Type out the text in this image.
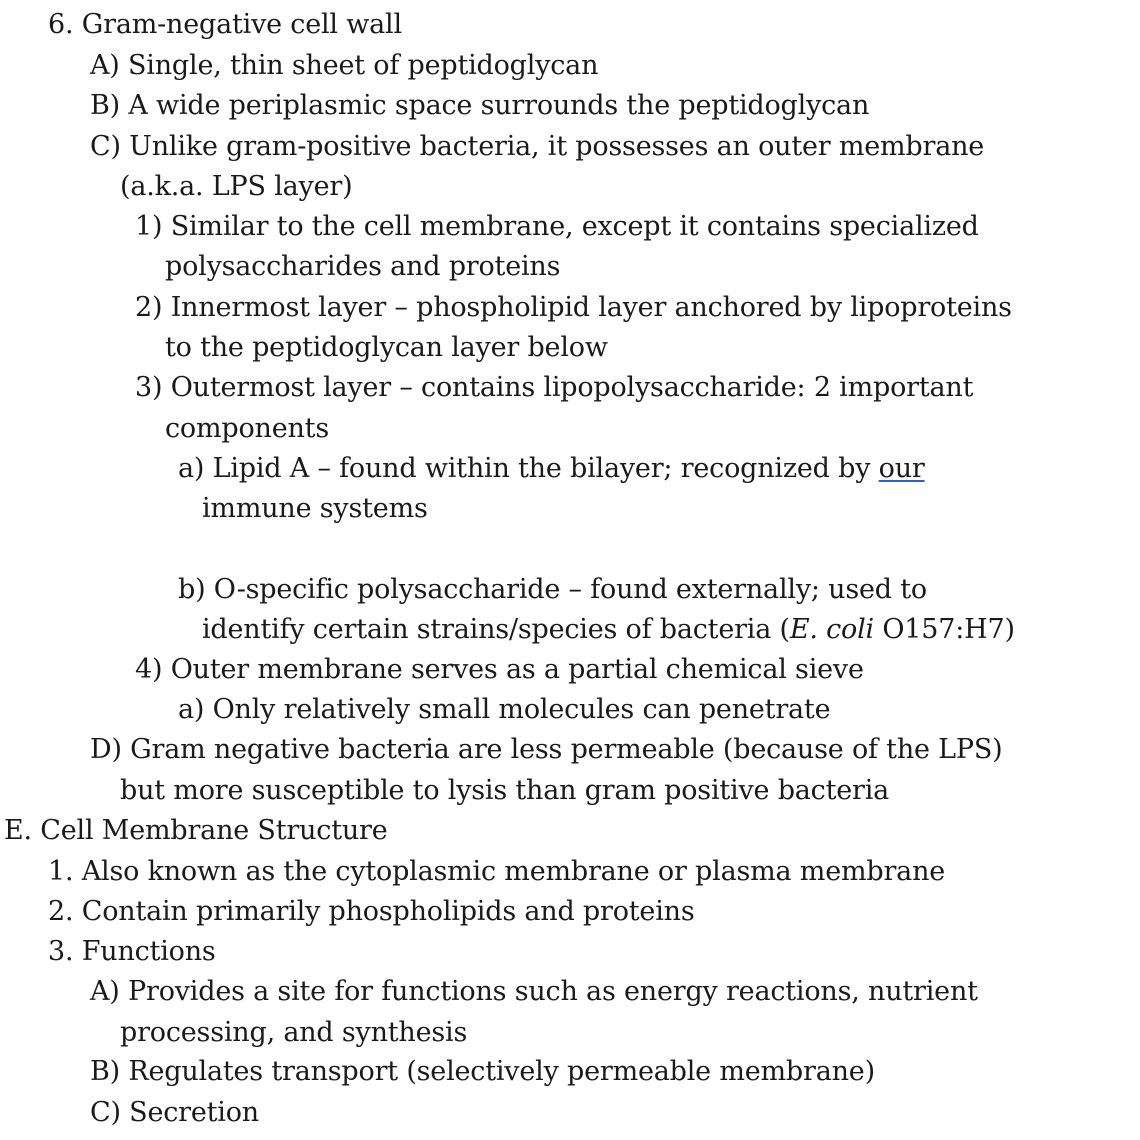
6. Gram-negative cell wall
A) Single, thin sheet of peptidoglycan
B) A wide periplasmic space surrounds the peptidoglycan
C) Unlike gram-positive bacteria, it possesses an outer membrane
(a.k.a. LPS layer)
1) Similar to the cell membrane, except it contains specialized
polysaccharides and proteins
2) Innermost layer – phospholipid layer anchored by lipoproteins
to the peptidoglycan layer below
3) Outermost layer – contains lipopolysaccharide: 2 important
components
a) Lipid A – found within the bilayer; recognized by our
immune systems
b) O-specific polysaccharide – found externally; used to
identify certain strains/species of bacteria (E. coli O157:H7)
4) Outer membrane serves as a partial chemical sieve
a) Only relatively small molecules can penetrate
D) Gram negative bacteria are less permeable (because of the LPS)
but more susceptible to lysis than gram positive bacteria
E. Cell Membrane Structure
1. Also known as the cytoplasmic membrane or plasma membrane
2. Contain primarily phospholipids and proteins
3. Functions
A) Provides a site for functions such as energy reactions, nutrient
processing, and synthesis
B) Regulates transport (selectively permeable membrane)
C) Secretion
